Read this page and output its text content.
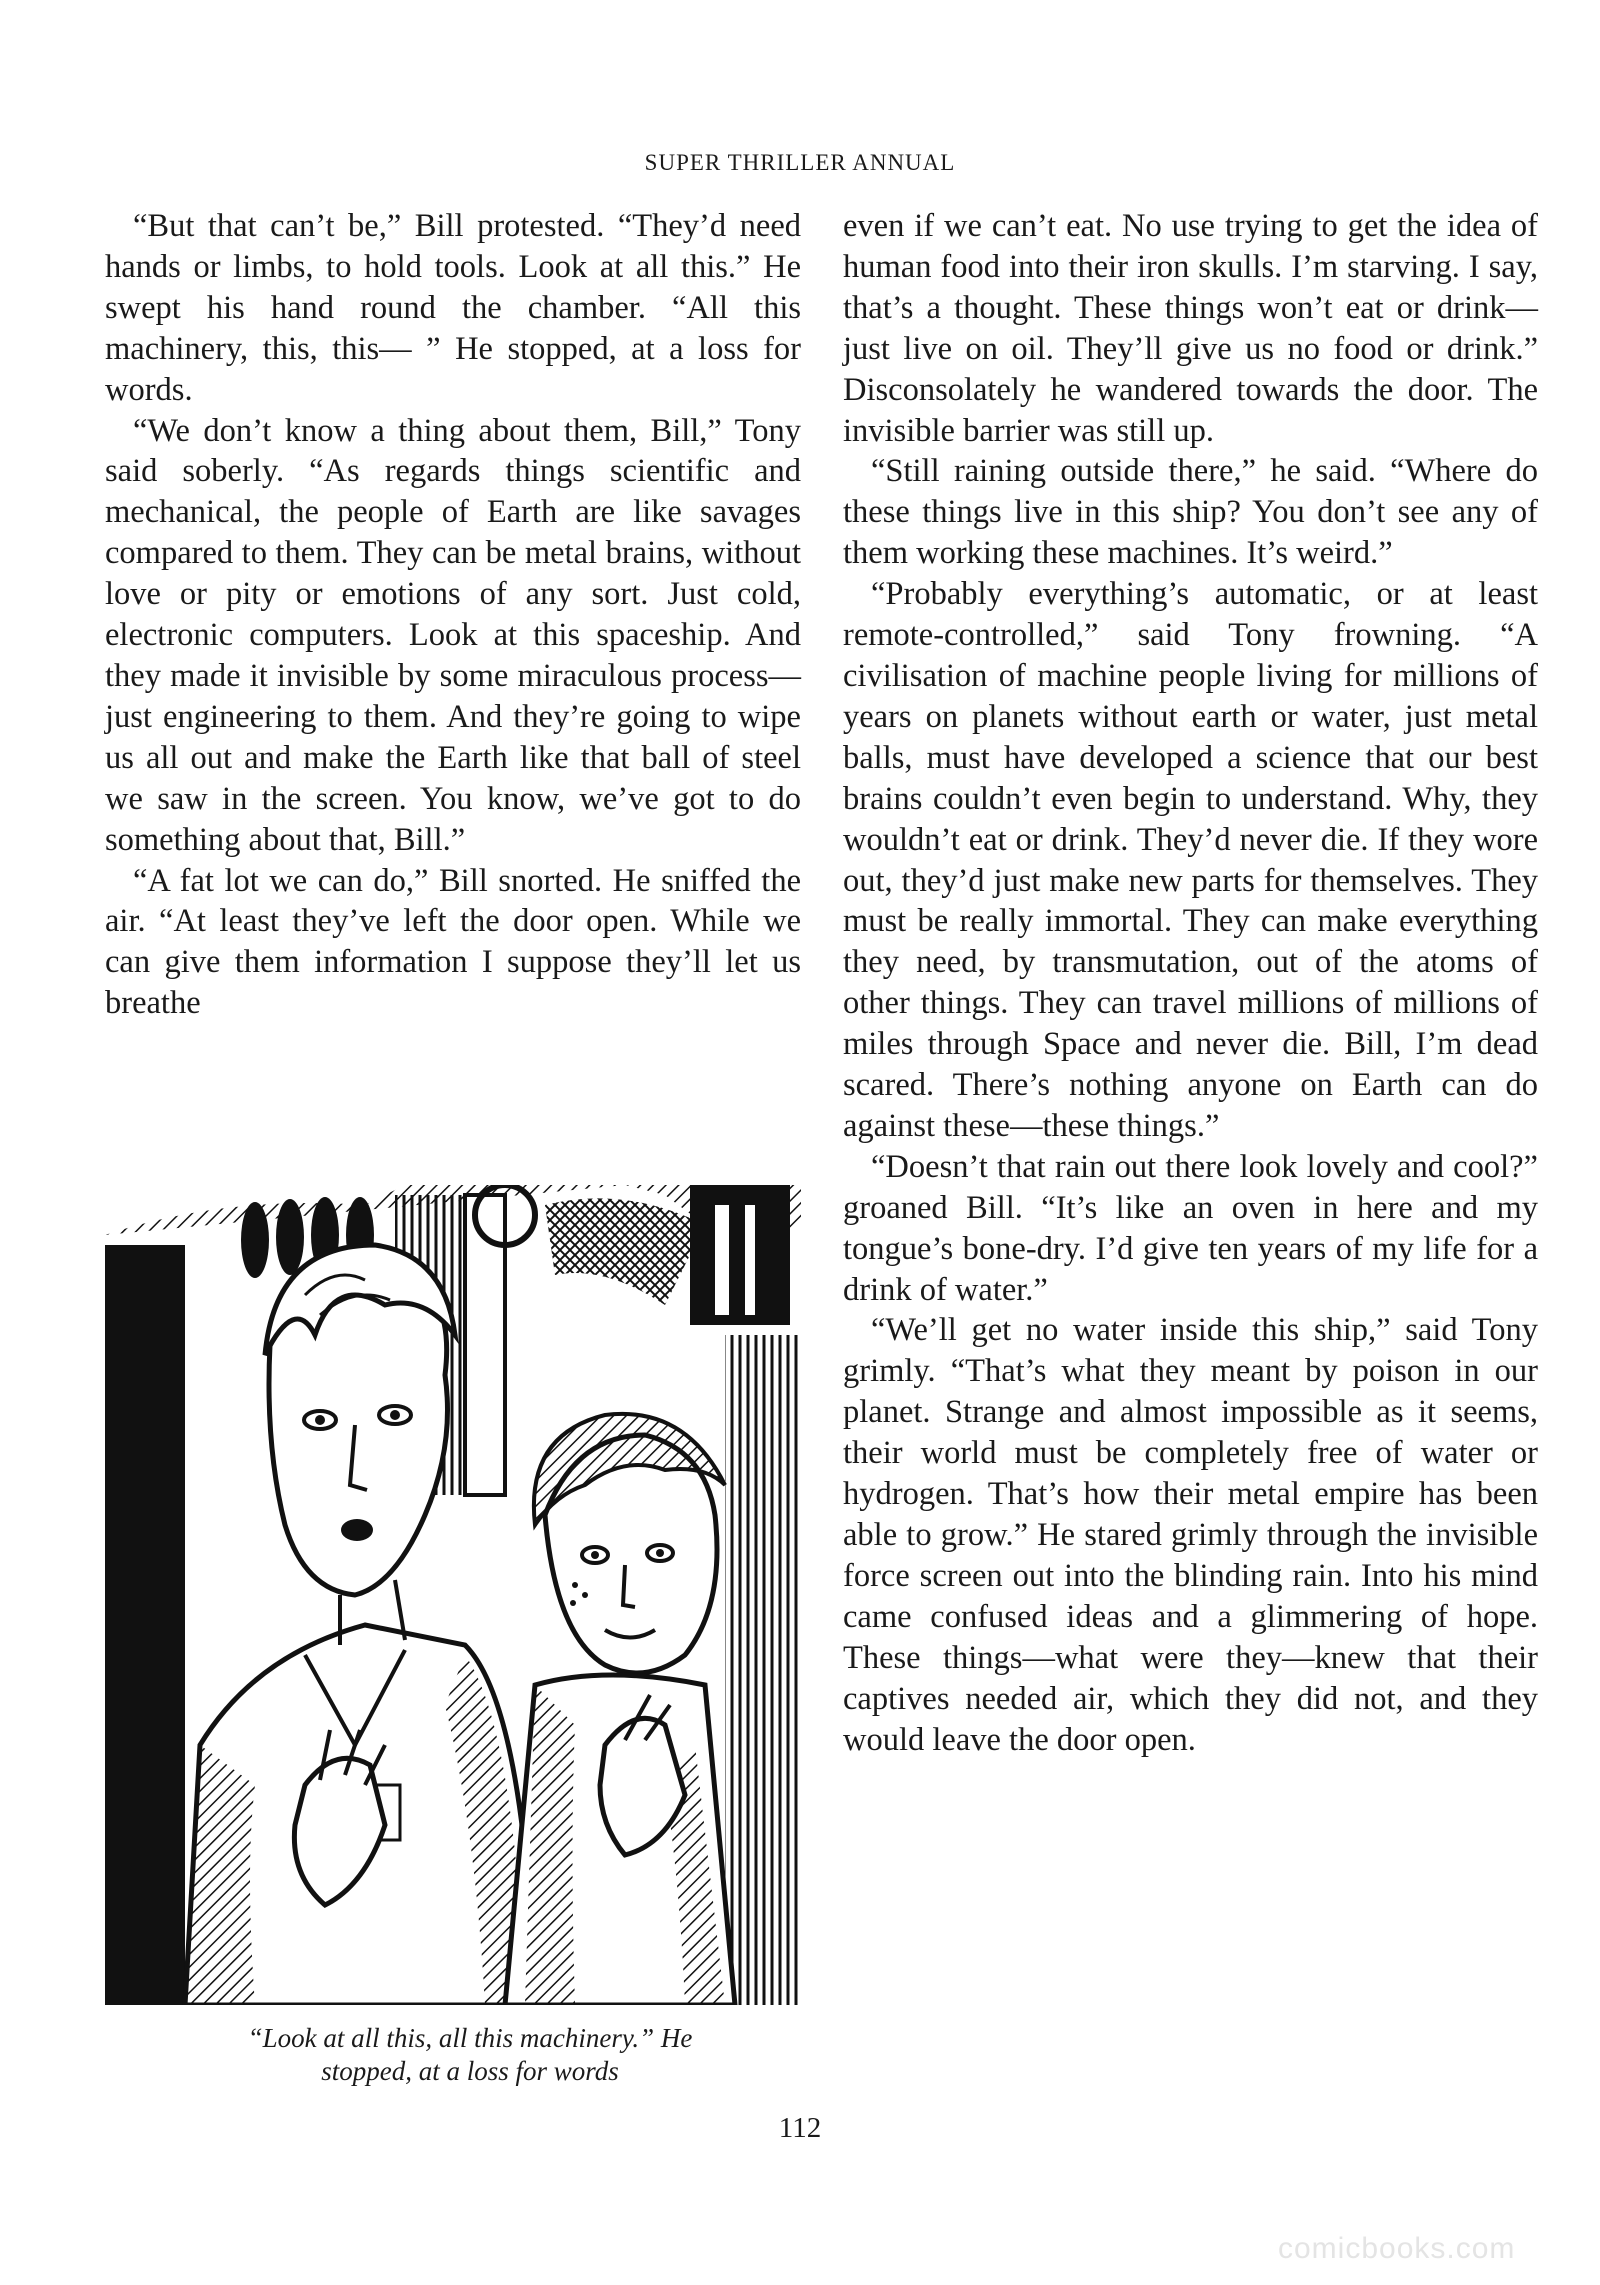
SUPER THRILLER ANNUAL

“But that can’t be,” Bill protested. “They’d need hands or limbs, to hold tools. Look at all this.” He swept his hand round the chamber. “All this machinery, this, this— ” He stopped, at a loss for words.

“We don’t know a thing about them, Bill,” Tony said soberly. “As regards things scientific and mechanical, the people of Earth are like savages compared to them. They can be metal brains, without love or pity or emotions of any sort. Just cold, electronic computers. Look at this spaceship. And they made it invisible by some miraculous process—just engineering to them. And they’re going to wipe us all out and make the Earth like that ball of steel we saw in the screen. You know, we’ve got to do something about that, Bill.”

“A fat lot we can do,” Bill snorted. He sniffed the air. “At least they’ve left the door open. While we can give them information I suppose they’ll let us breathe

“Look at all this, all this machinery.” He
stopped, at a loss for words

even if we can’t eat. No use trying to get the idea of human food into their iron skulls. I’m starving. I say, that’s a thought. These things won’t eat or drink—just live on oil. They’ll give us no food or drink.” Disconsolately he wandered towards the door. The invisible barrier was still up.

“Still raining outside there,” he said. “Where do these things live in this ship? You don’t see any of them working these machines. It’s weird.”

“Probably everything’s automatic, or at least remote-controlled,” said Tony frowning. “A civilisation of machine people living for millions of years on planets without earth or water, just metal balls, must have developed a science that our best brains couldn’t even begin to understand. Why, they wouldn’t eat or drink. They’d never die. If they wore out, they’d just make new parts for themselves. They must be really immortal. They can make everything they need, by transmutation, out of the atoms of other things. They can travel millions of millions of miles through Space and never die. Bill, I’m dead scared. There’s nothing anyone on Earth can do against these—these things.”

“Doesn’t that rain out there look lovely and cool?” groaned Bill. “It’s like an oven in here and my tongue’s bone-dry. I’d give ten years of my life for a drink of water.”

“We’ll get no water inside this ship,” said Tony grimly. “That’s what they meant by poison in our planet. Strange and almost impossible as it seems, their world must be completely free of water or hydrogen. That’s how their metal empire has been able to grow.” He stared grimly through the invisible force screen out into the blinding rain. Into his mind came confused ideas and a glimmering of hope. These things—what were they—knew that their captives needed air, which they did not, and they would leave the door open.

112
comicbooks.com
